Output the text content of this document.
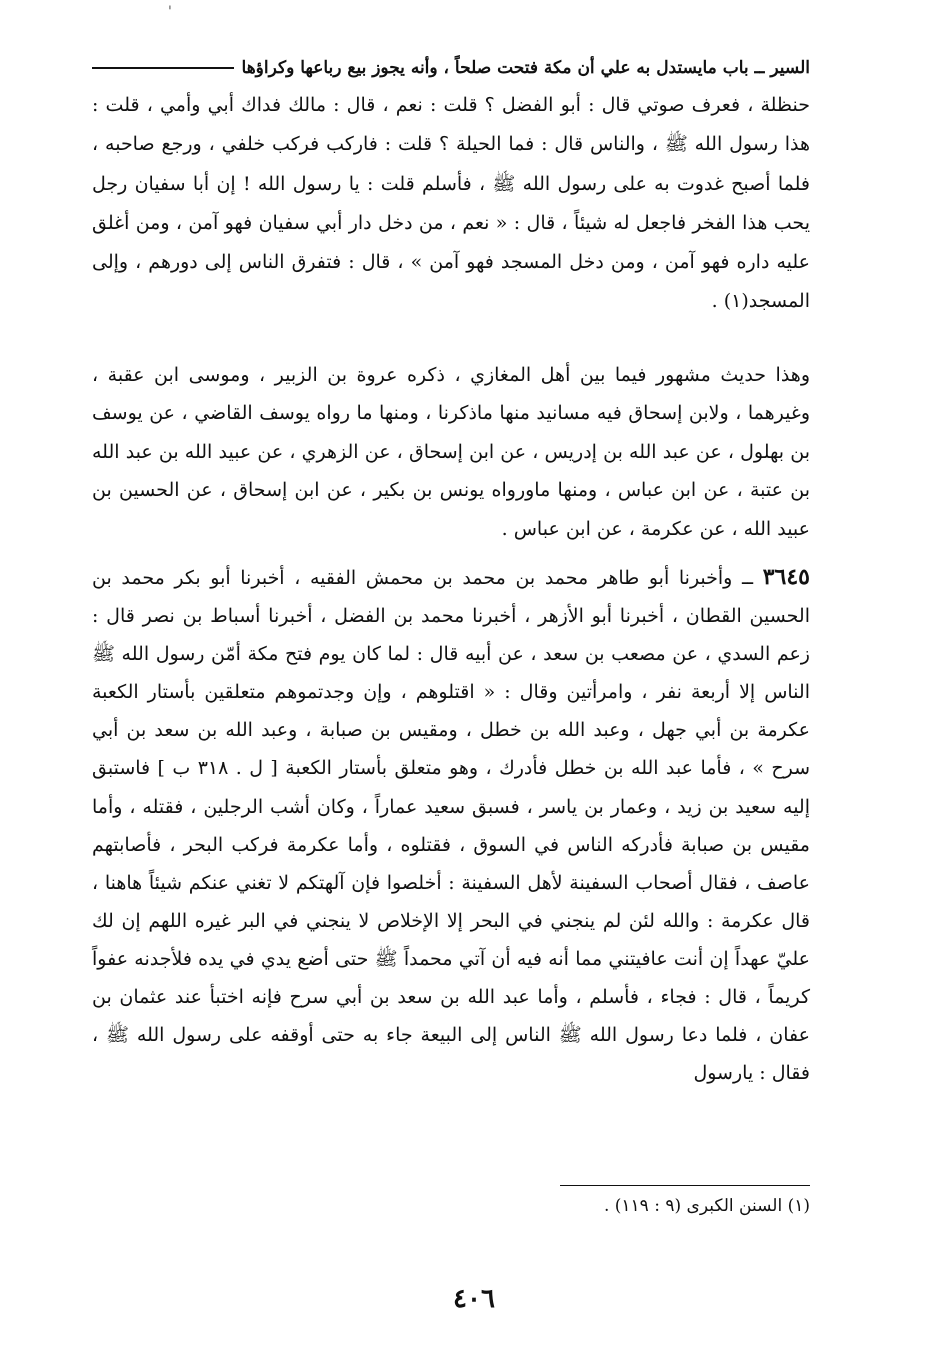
'
السير ــ باب مايستدل به علي أن مكة فتحت صلحاً ، وأنه يجوز بيع رباعها وكراؤها

حنظلة ، فعرف صوتي قال : أبو الفضل ؟ قلت : نعم ، قال : مالك فداك أبي وأمي ، قلت : هذا رسول الله ﷺ ، والناس قال : فما الحيلة ؟ قلت : فاركب فركب خلفي ، ورجع صاحبه ، فلما أصبح غدوت به على رسول الله ﷺ ، فأسلم قلت : يا رسول الله ! إن أبا سفيان رجل يحب هذا الفخر فاجعل له شيئاً ، قال : « نعم ، من دخل دار أبي سفيان فهو آمن ، ومن أغلق عليه داره فهو آمن ، ومن دخل المسجد فهو آمن » ، قال : فتفرق الناس إلى دورهم ، وإلى المسجد(١) .

وهذا حديث مشهور فيما بين أهل المغازي ، ذكره عروة بن الزبير ، وموسى ابن عقبة ، وغيرهما ، ولابن إسحاق فيه مسانيد منها ماذكرنا ، ومنها ما رواه يوسف القاضي ، عن يوسف بن بهلول ، عن عبد الله بن إدريس ، عن ابن إسحاق ، عن الزهري ، عن عبيد الله بن عبد الله بن عتبة ، عن ابن عباس ، ومنها ماورواه يونس بن بكير ، عن ابن إسحاق ، عن الحسين بن عبيد الله ، عن عكرمة ، عن ابن عباس .

٣٦٤٥ ــ وأخبرنا أبو طاهر محمد بن محمد بن محمش الفقيه ، أخبرنا أبو بكر محمد بن الحسين القطان ، أخبرنا أبو الأزهر ، أخبرنا محمد بن الفضل ، أخبرنا أسباط بن نصر قال : زعم السدي ، عن مصعب بن سعد ، عن أبيه قال : لما كان يوم فتح مكة أمّن رسول الله ﷺ الناس إلا أربعة نفر ، وامرأتين وقال : « اقتلوهم ، وإن وجدتموهم متعلقين بأستار الكعبة عكرمة بن أبي جهل ، وعبد الله بن خطل ، ومقيس بن صبابة ، وعبد الله بن سعد بن أبي سرح » ، فأما عبد الله بن خطل فأدرك ، وهو متعلق بأستار الكعبة [ ل . ٣١٨ ب ] فاستبق إليه سعيد بن زيد ، وعمار بن ياسر ، فسبق سعيد عماراً ، وكان أشب الرجلين ، فقتله ، وأما مقيس بن صبابة فأدركه الناس في السوق ، فقتلوه ، وأما عكرمة فركب البحر ، فأصابتهم عاصف ، فقال أصحاب السفينة لأهل السفينة : أخلصوا فإن آلهتكم لا تغني عنكم شيئاً هاهنا ، قال عكرمة : والله لئن لم ينجني في البحر إلا الإخلاص لا ينجني في البر غيره اللهم إن لك عليّ عهداً إن أنت عافيتني مما أنه فيه أن آتي محمداً ﷺ حتى أضع يدي في يده فلأجدنه عفواً كريماً ، قال : فجاء ، فأسلم ، وأما عبد الله بن سعد بن أبي سرح فإنه اختبأ عند عثمان بن عفان ، فلما دعا رسول الله ﷺ الناس إلى البيعة جاء به حتى أوقفه على رسول الله ﷺ ، فقال : يارسول

(١) السنن الكبرى (٩ : ١١٩) .
٤٠٦
